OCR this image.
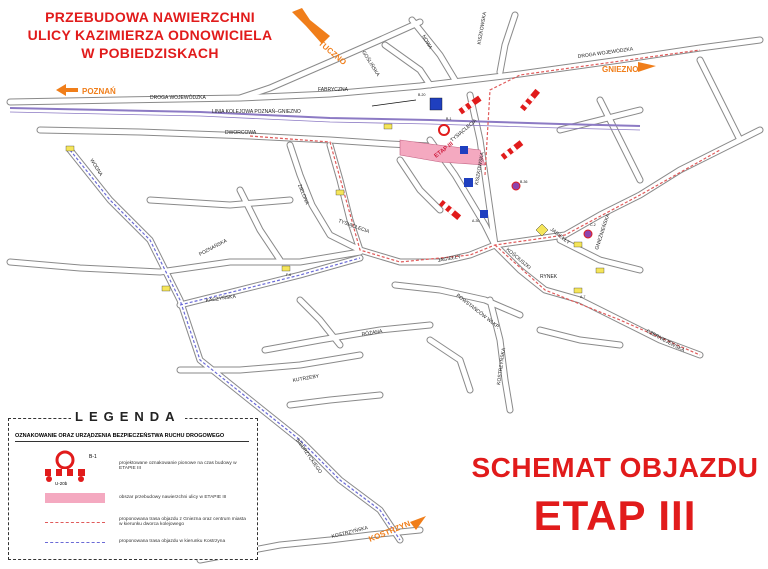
TUCZNO
POZNAŃ
GNIEZNO
KOSTRZYN
DROGA WOJEWÓDZKA
DROGA WOJEWÓDZKA
FABRYCZNA
GOŚLIŃSKA
NOWA	KISZKOWSKA
LINIA KOLEJOWA POZNAŃ–GNIEZNO
DWORCOWA	TYSIĄCLECIA
KISZKOWSKA
WODNA
ZIELONA
TYSIĄCLECIA
JAGIEŁŁY
JAGIEŁŁY	GNIEŹNIEŃSKA
KOŚCIUSZKI
RYNEK
POZNAŃSKA
KACZYŃSKA	POWSTAŃCÓW WLKP.
CZERNIEJEWSKA
KOSTRZYŃSKA
RÓŻANA
KUTRZEBY
BIEDRZYCKIEGO
KOSTRZYŃSKA
ETAP III
B-1
B-20
B-36
C-2
A-7
F-6
A-30
PRZEBUDOWA NAWIERZCHNI
ULICY KAZIMIERZA ODNOWICIELA
W POBIEDZISKACH
SCHEMAT OBJAZDU
ETAP III
LEGENDA
OZNAKOWANIE ORAZ URZĄDZENIA BEZPIECZEŃSTWA RUCHU DROGOWEGO
B-1
U-20b
projektowane oznakowanie pionowe na czas budowy w ETAPIE III
obszar przebudowy nawierzchni ulicy w ETAPIE III
proponowana trasa objazdu z Gniezna oraz centrum miasta w kierunku dworca kolejowego
proponowana trasa objazdu w kierunku Kostrzyna
